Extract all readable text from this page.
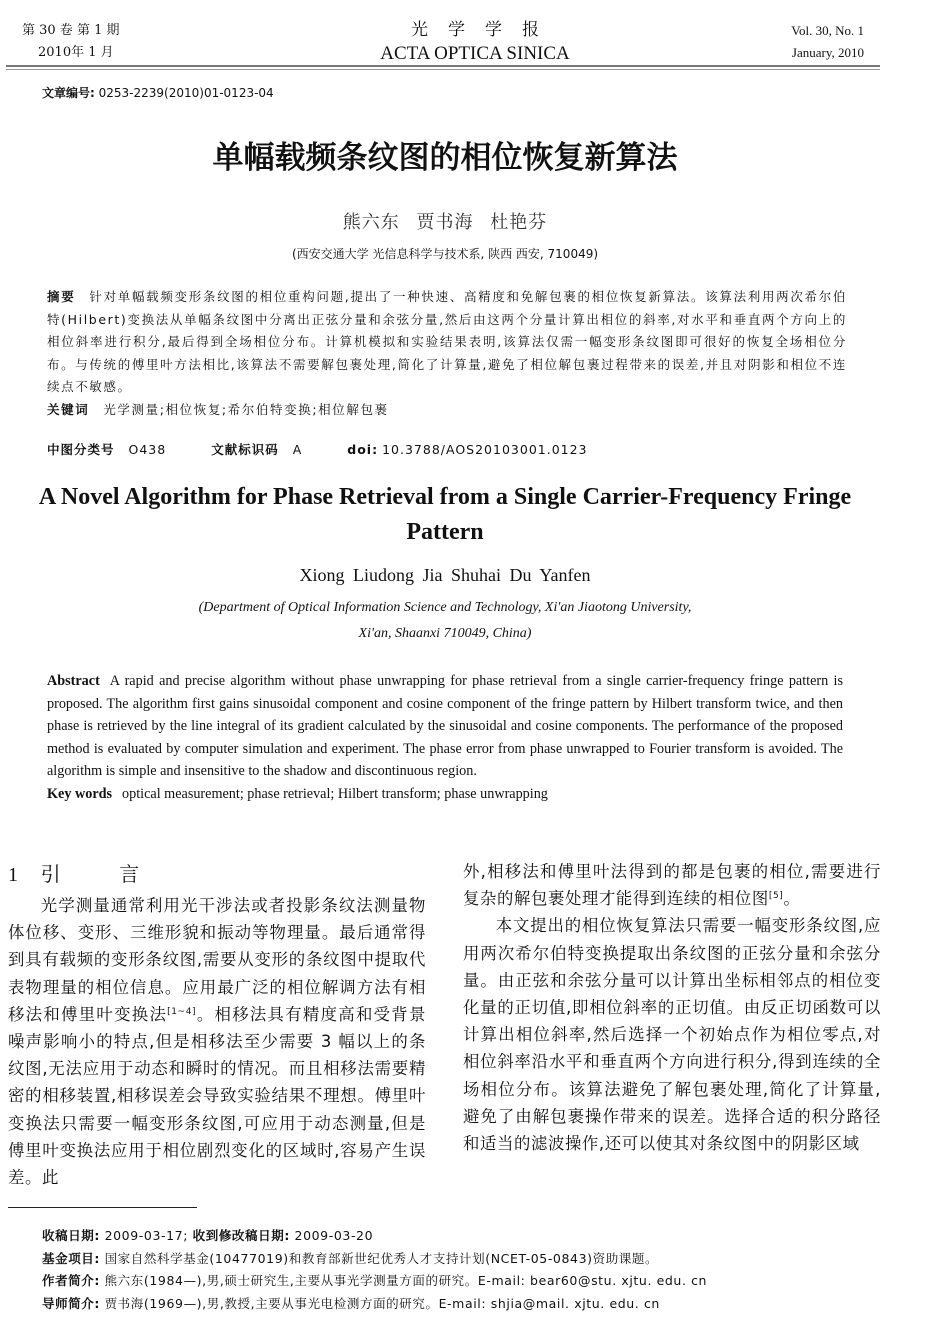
第 30 卷 第 1 期
2010年 1 月
光学学报
ACTA OPTICA SINICA
Vol. 30, No. 1
January, 2010
文章编号: 0253-2239(2010)01-0123-04
单幅载频条纹图的相位恢复新算法
熊六东 贾书海 杜艳芬
(西安交通大学 光信息科学与技术系, 陕西 西安, 710049)
摘要 针对单幅载频变形条纹图的相位重构问题,提出了一种快速、高精度和免解包裹的相位恢复新算法。该算法利用两次希尔伯特(Hilbert)变换法从单幅条纹图中分离出正弦分量和余弦分量,然后由这两个分量计算出相位的斜率,对水平和垂直两个方向上的相位斜率进行积分,最后得到全场相位分布。计算机模拟和实验结果表明,该算法仅需一幅变形条纹图即可很好的恢复全场相位分布。与传统的傅里叶方法相比,该算法不需要解包裹处理,简化了计算量,避免了相位解包裹过程带来的误差,并且对阴影和相位不连续点不敏感。
关键词 光学测量;相位恢复;希尔伯特变换;相位解包裹
中图分类号 O438	文献标识码 A	doi: 10.3788/AOS20103001.0123
A Novel Algorithm for Phase Retrieval from a Single Carrier-Frequency Fringe Pattern
Xiong Liudong Jia Shuhai Du Yanfen
(Department of Optical Information Science and Technology, Xi'an Jiaotong University,
Xi'an, Shaanxi 710049, China)
Abstract A rapid and precise algorithm without phase unwrapping for phase retrieval from a single carrier-frequency fringe pattern is proposed. The algorithm first gains sinusoidal component and cosine component of the fringe pattern by Hilbert transform twice, and then phase is retrieved by the line integral of its gradient calculated by the sinusoidal and cosine components. The performance of the proposed method is evaluated by computer simulation and experiment. The phase error from phase unwrapped to Fourier transform is avoided. The algorithm is simple and insensitive to the shadow and discontinuous region.
Key words optical measurement; phase retrieval; Hilbert transform; phase unwrapping
1 引	言

光学测量通常利用光干涉法或者投影条纹法测量物体位移、变形、三维形貌和振动等物理量。最后通常得到具有载频的变形条纹图,需要从变形的条纹图中提取代表物理量的相位信息。应用最广泛的相位解调方法有相移法和傅里叶变换法[1~4]。相移法具有精度高和受背景噪声影响小的特点,但是相移法至少需要 3 幅以上的条纹图,无法应用于动态和瞬时的情况。而且相移法需要精密的相移装置,相移误差会导致实验结果不理想。傅里叶变换法只需要一幅变形条纹图,可应用于动态测量,但是傅里叶变换法应用于相位剧烈变化的区域时,容易产生误差。此

外,相移法和傅里叶法得到的都是包裹的相位,需要进行复杂的解包裹处理才能得到连续的相位图[5]。

本文提出的相位恢复算法只需要一幅变形条纹图,应用两次希尔伯特变换提取出条纹图的正弦分量和余弦分量。由正弦和余弦分量可以计算出坐标相邻点的相位变化量的正切值,即相位斜率的正切值。由反正切函数可以计算出相位斜率,然后选择一个初始点作为相位零点,对相位斜率沿水平和垂直两个方向进行积分,得到连续的全场相位分布。该算法避免了解包裹处理,简化了计算量,避免了由解包裹操作带来的误差。选择合适的积分路径和适当的滤波操作,还可以使其对条纹图中的阴影区域

收稿日期: 2009-03-17; 收到修改稿日期: 2009-03-20
基金项目: 国家自然科学基金(10477019)和教育部新世纪优秀人才支持计划(NCET-05-0843)资助课题。
作者简介: 熊六东(1984—),男,硕士研究生,主要从事光学测量方面的研究。E-mail: bear60@stu. xjtu. edu. cn
导师简介: 贾书海(1969—),男,教授,主要从事光电检测方面的研究。E-mail: shjia@mail. xjtu. edu. cn
